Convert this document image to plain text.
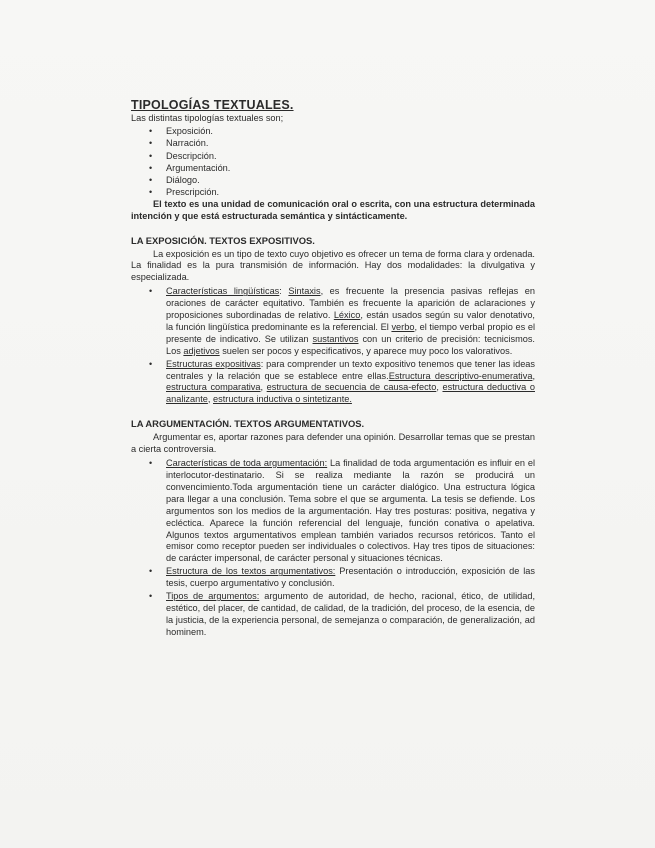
TIPOLOGÍAS TEXTUALES.

Las distintas tipologías textuales son;

• Exposición.
• Narración.
• Descripción.
• Argumentación.
• Diálogo.
• Prescripción.

El texto es una unidad de comunicación oral o escrita, con una estructura determinada intención y que está estructurada semántica y sintácticamente.

LA EXPOSICIÓN. TEXTOS EXPOSITIVOS.

La exposición es un tipo de texto cuyo objetivo es ofrecer un tema de forma clara y ordenada. La finalidad es la pura transmisión de información. Hay dos modalidades: la divulgativa y especializada.

• Características lingüísticas: Sintaxis, es frecuente la presencia pasivas reflejas en oraciones de carácter equitativo. También es frecuente la aparición de aclaraciones y proposiciones subordinadas de relativo. Léxico, están usados según su valor denotativo, la función lingüística predominante es la referencial. El verbo, el tiempo verbal propio es el presente de indicativo. Se utilizan sustantivos con un criterio de precisión: tecnicismos. Los adjetivos suelen ser pocos y especificativos, y aparece muy poco los valorativos.
• Estructuras expositivas: para comprender un texto expositivo tenemos que tener las ideas centrales y la relación que se establece entre ellas.Estructura descriptivo-enumerativa, estructura comparativa, estructura de secuencia de causa-efecto, estructura deductiva o analizante, estructura inductiva o sintetizante.
LA ARGUMENTACIÓN. TEXTOS ARGUMENTATIVOS.

Argumentar es, aportar razones para defender una opinión. Desarrollar temas que se prestan a cierta controversia.

• Características de toda argumentación: La finalidad de toda argumentación es influir en el interlocutor-destinatario. Si se realiza mediante la razón se producirá un convencimiento.Toda argumentación tiene un carácter dialógico. Una estructura lógica para llegar a una conclusión. Tema sobre el que se argumenta. La tesis se defiende. Los argumentos son los medios de la argumentación. Hay tres posturas: positiva, negativa y ecléctica. Aparece la función referencial del lenguaje, función conativa o apelativa. Algunos textos argumentativos emplean también variados recursos retóricos. Tanto el emisor como receptor pueden ser individuales o colectivos. Hay tres tipos de situaciones: de carácter impersonal, de carácter personal y situaciones técnicas.
• Estructura de los textos argumentativos: Presentación o introducción, exposición de las tesis, cuerpo argumentativo y conclusión.
• Tipos de argumentos: argumento de autoridad, de hecho, racional, ético, de utilidad, estético, del placer, de cantidad, de calidad, de la tradición, del proceso, de la esencia, de la justicia, de la experiencia personal, de semejanza o comparación, de generalización, ad hominem.
